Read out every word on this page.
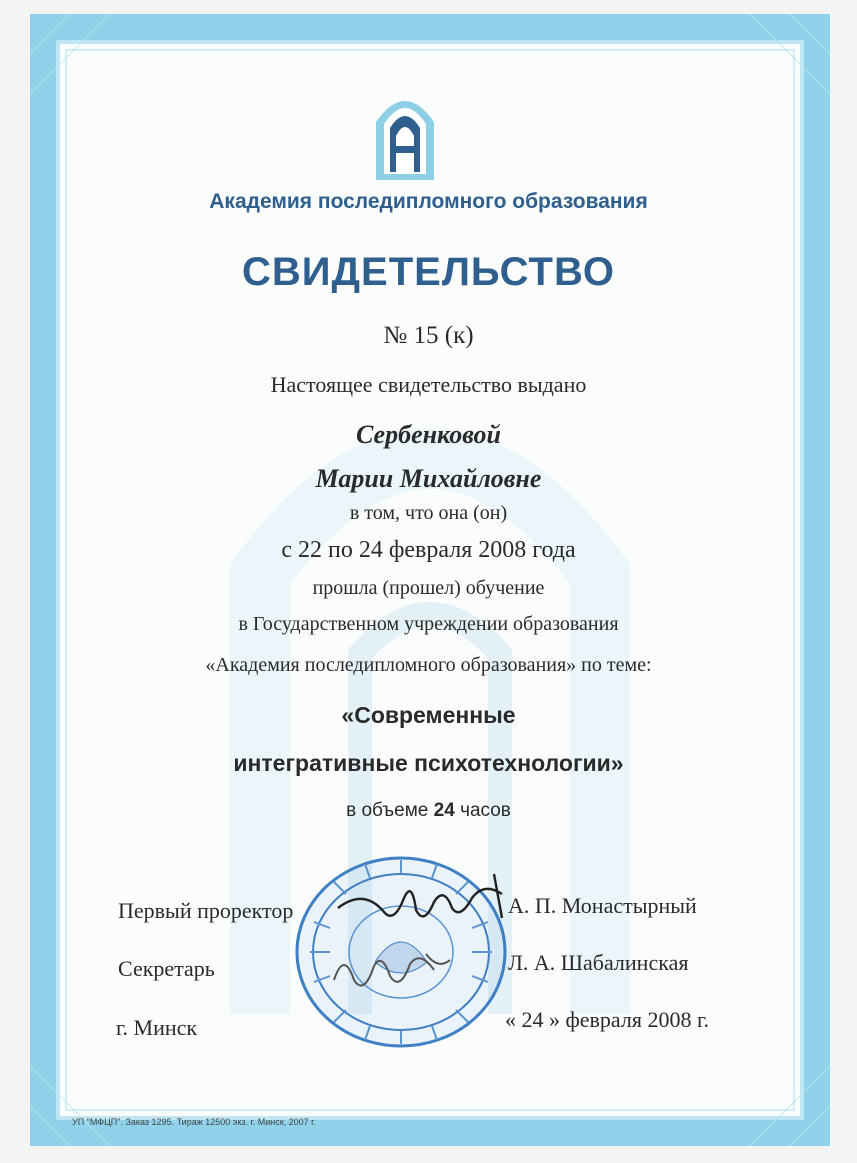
Академия последипломного образования
СВИДЕТЕЛЬСТВО
№ 15 (к)
Настоящее свидетельство выдано
Сербенковой
Марии Михайловне
в том, что она (он)
с 22 по 24 февраля 2008 года
прошла (прошел) обучение
в Государственном учреждении образования
«Академия последипломного образования» по теме:
«Современные
интегративные психотехнологии»
в объеме 24 часов
Первый проректор	А. П. Монастырный
Секретарь	Л. А. Шабалинская
г. Минск	« 24 » февраля 2008 г.
УП "МФЦП". Заказ 1295. Тираж 12500 экз. г. Минск, 2007 г.
